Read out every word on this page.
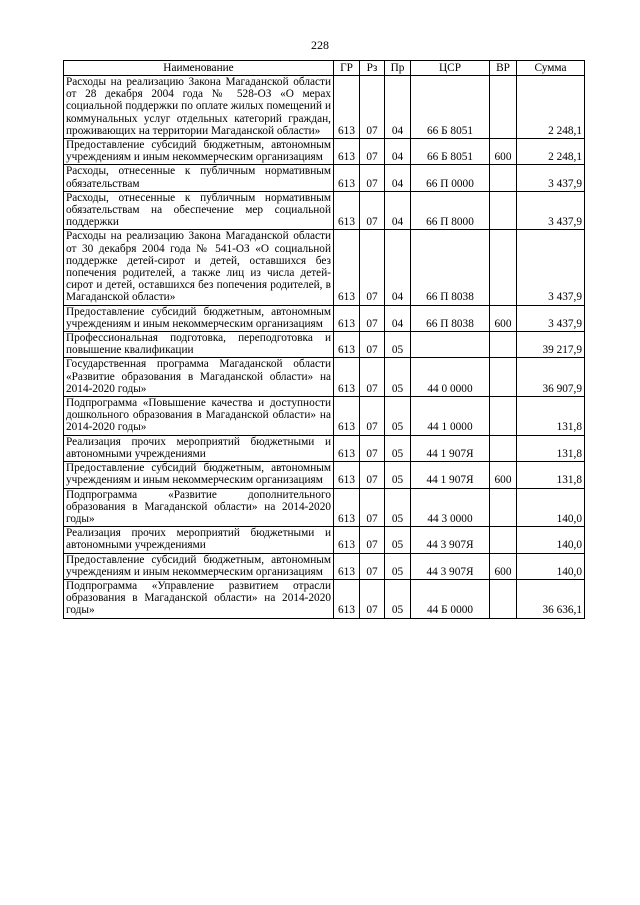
228
Наименование	ГР	Рз	Пр	ЦСР	ВР	Сумма
Расходы на реализацию Закона Магаданской области от 28 декабря 2004 года № 528-ОЗ «О мерах социальной поддержки по оплате жилых помещений и коммунальных услуг отдельных категорий граждан, проживающих на территории Магаданской области»	613	07	04	66 Б 8051		2 248,1
Предоставление субсидий бюджетным, автономным учреждениям и иным некоммерческим организациям	613	07	04	66 Б 8051	600	2 248,1
Расходы, отнесенные к публичным нормативным обязательствам	613	07	04	66 П 0000		3 437,9
Расходы, отнесенные к публичным нормативным обязательствам на обеспечение мер социальной поддержки	613	07	04	66 П 8000		3 437,9
Расходы на реализацию Закона Магаданской области от 30 декабря 2004 года № 541-ОЗ «О социальной поддержке детей-сирот и детей, оставшихся без попечения родителей, а также лиц из числа детей-сирот и детей, оставшихся без попечения родителей, в Магаданской области»	613	07	04	66 П 8038		3 437,9
Предоставление субсидий бюджетным, автономным учреждениям и иным некоммерческим организациям	613	07	04	66 П 8038	600	3 437,9
Профессиональная подготовка, переподготовка и повышение квалификации	613	07	05			39 217,9
Государственная программа Магаданской области «Развитие образования в Магаданской области» на 2014-2020 годы»	613	07	05	44 0 0000		36 907,9
Подпрограмма «Повышение качества и доступности дошкольного образования в Магаданской области» на 2014-2020 годы»	613	07	05	44 1 0000		131,8
Реализация прочих мероприятий бюджетными и автономными учреждениями	613	07	05	44 1 907Я		131,8
Предоставление субсидий бюджетным, автономным учреждениям и иным некоммерческим организациям	613	07	05	44 1 907Я	600	131,8
Подпрограмма «Развитие дополнительного образования в Магаданской области» на 2014-2020 годы»	613	07	05	44 3 0000		140,0
Реализация прочих мероприятий бюджетными и автономными учреждениями	613	07	05	44 3 907Я		140,0
Предоставление субсидий бюджетным, автономным учреждениям и иным некоммерческим организациям	613	07	05	44 3 907Я	600	140,0
Подпрограмма «Управление развитием отрасли образования в Магаданской области» на 2014-2020 годы»	613	07	05	44 Б 0000		36 636,1
